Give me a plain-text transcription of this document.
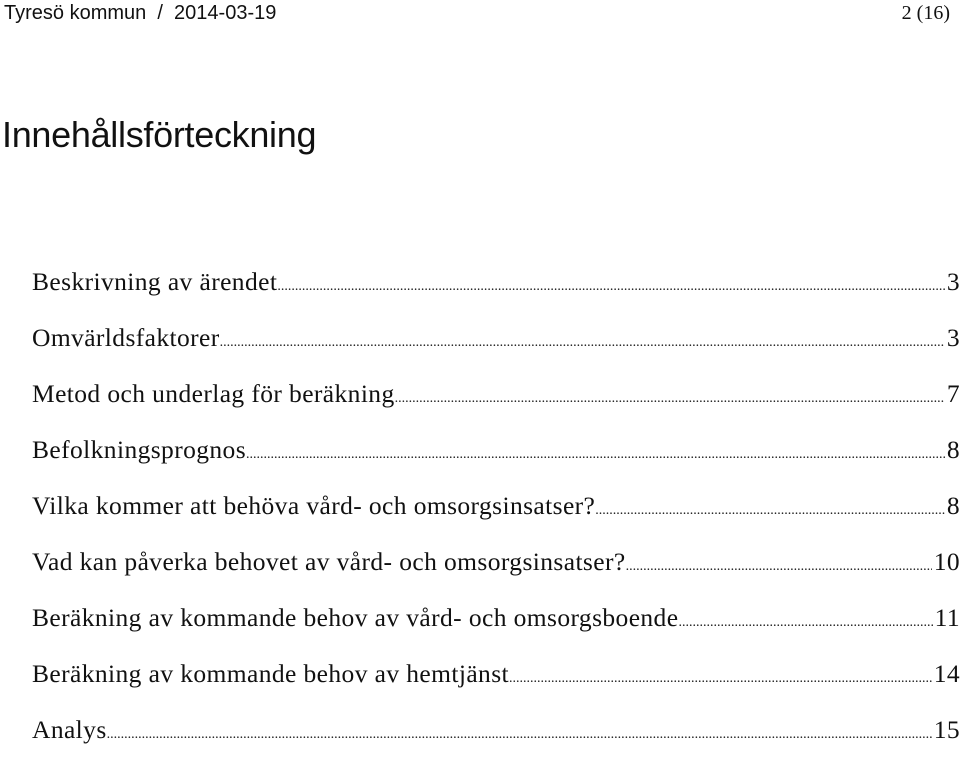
Tyresö kommun  /  2014-03-19	2 (16)
Innehållsförteckning
Beskrivning av ärendet .....	3
Omvärldsfaktorer .....	3
Metod och underlag för beräkning .....	7
Befolkningsprognos .....	8
Vilka kommer att behöva vård- och omsorgsinsatser? .....	8
Vad kan påverka behovet av vård- och omsorgsinsatser? .....	10
Beräkning av kommande behov av vård- och omsorgsboende .....	11
Beräkning av kommande behov av hemtjänst .....	14
Analys .....	15
